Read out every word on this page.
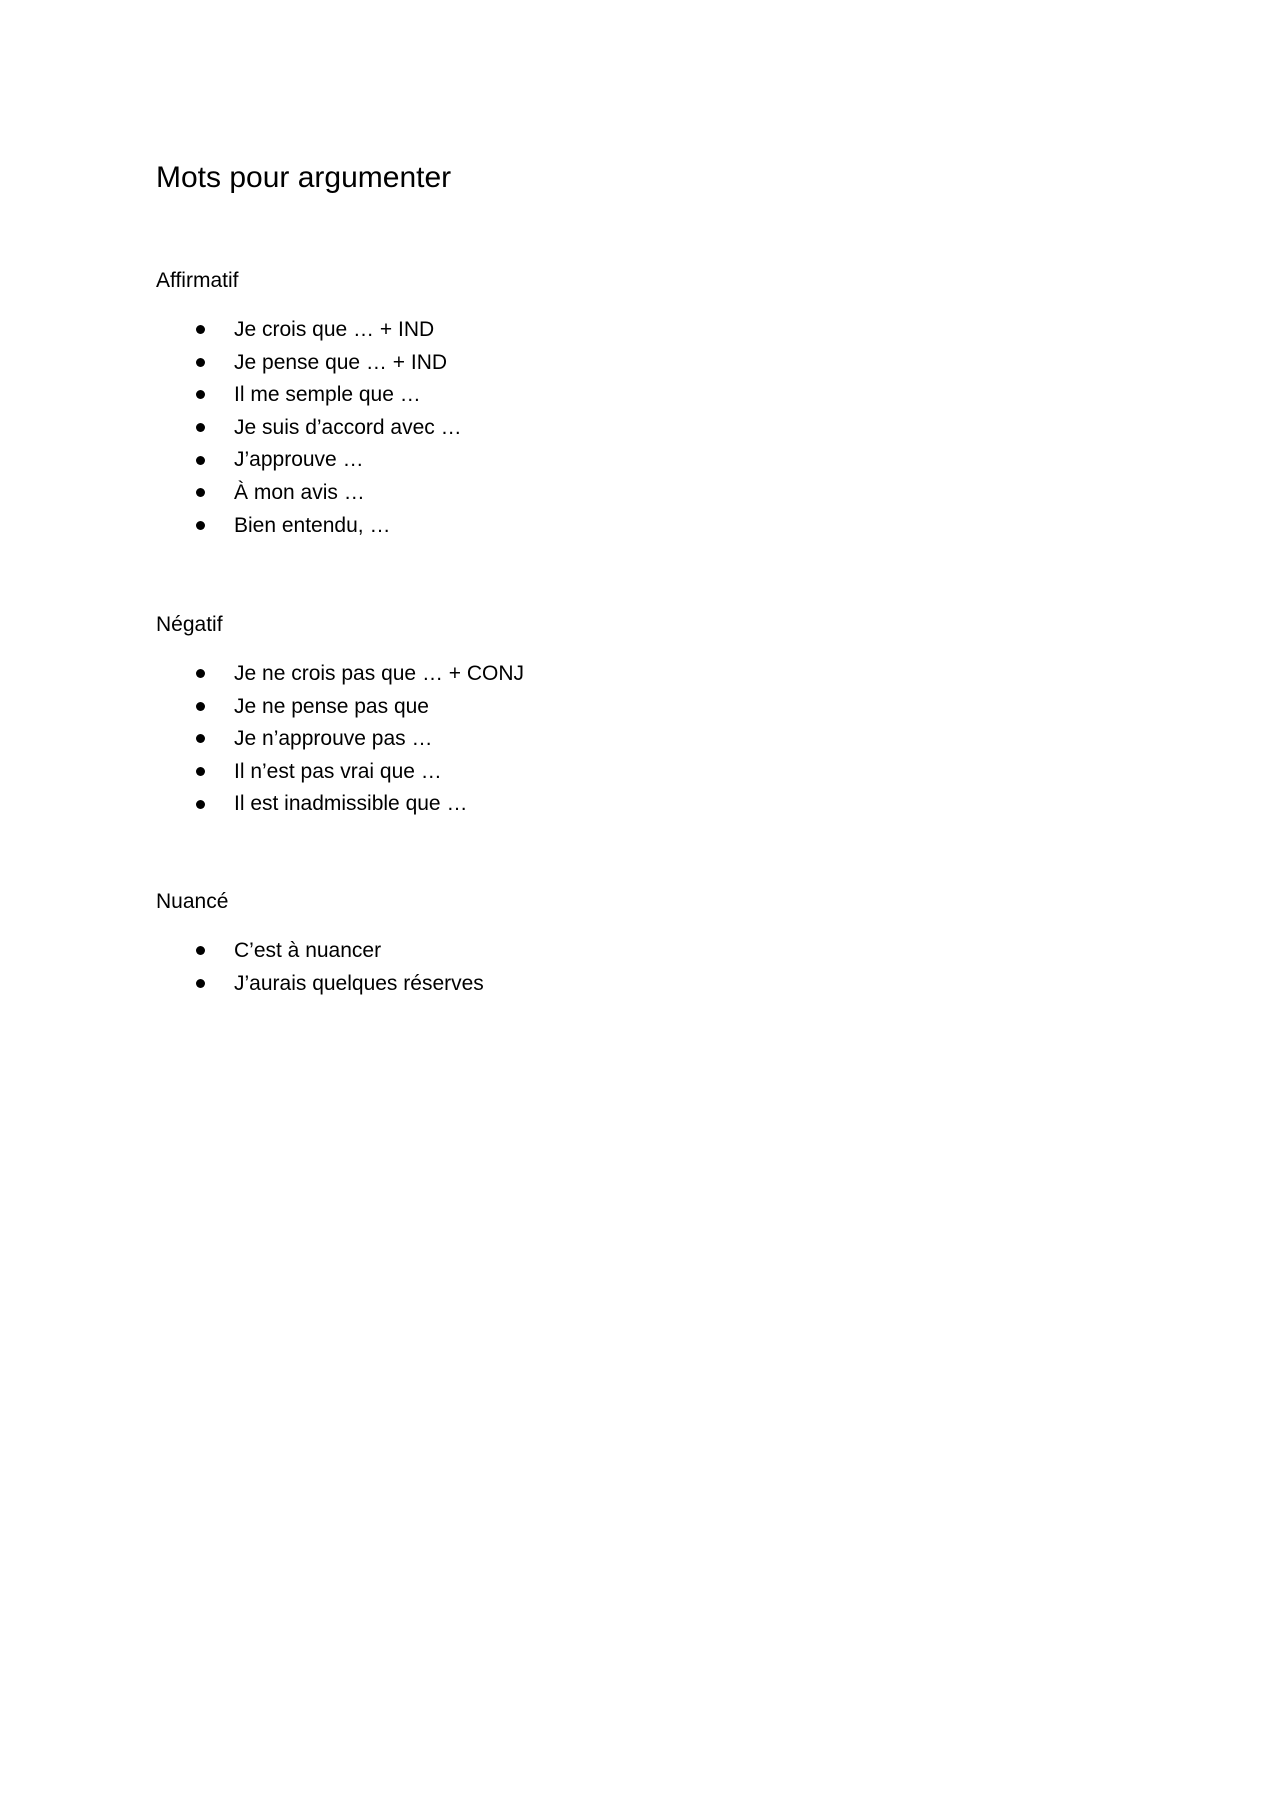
Mots pour argumenter
Affirmatif
Je crois que … + IND
Je pense que … + IND
Il me semple que …
Je suis d’accord avec …
J’approuve …
À mon avis …
Bien entendu, …
Négatif
Je ne crois pas que … + CONJ
Je ne pense pas que
Je n’approuve pas …
Il n’est pas vrai que …
Il est inadmissible que …
Nuancé
C’est à nuancer
J’aurais quelques réserves
